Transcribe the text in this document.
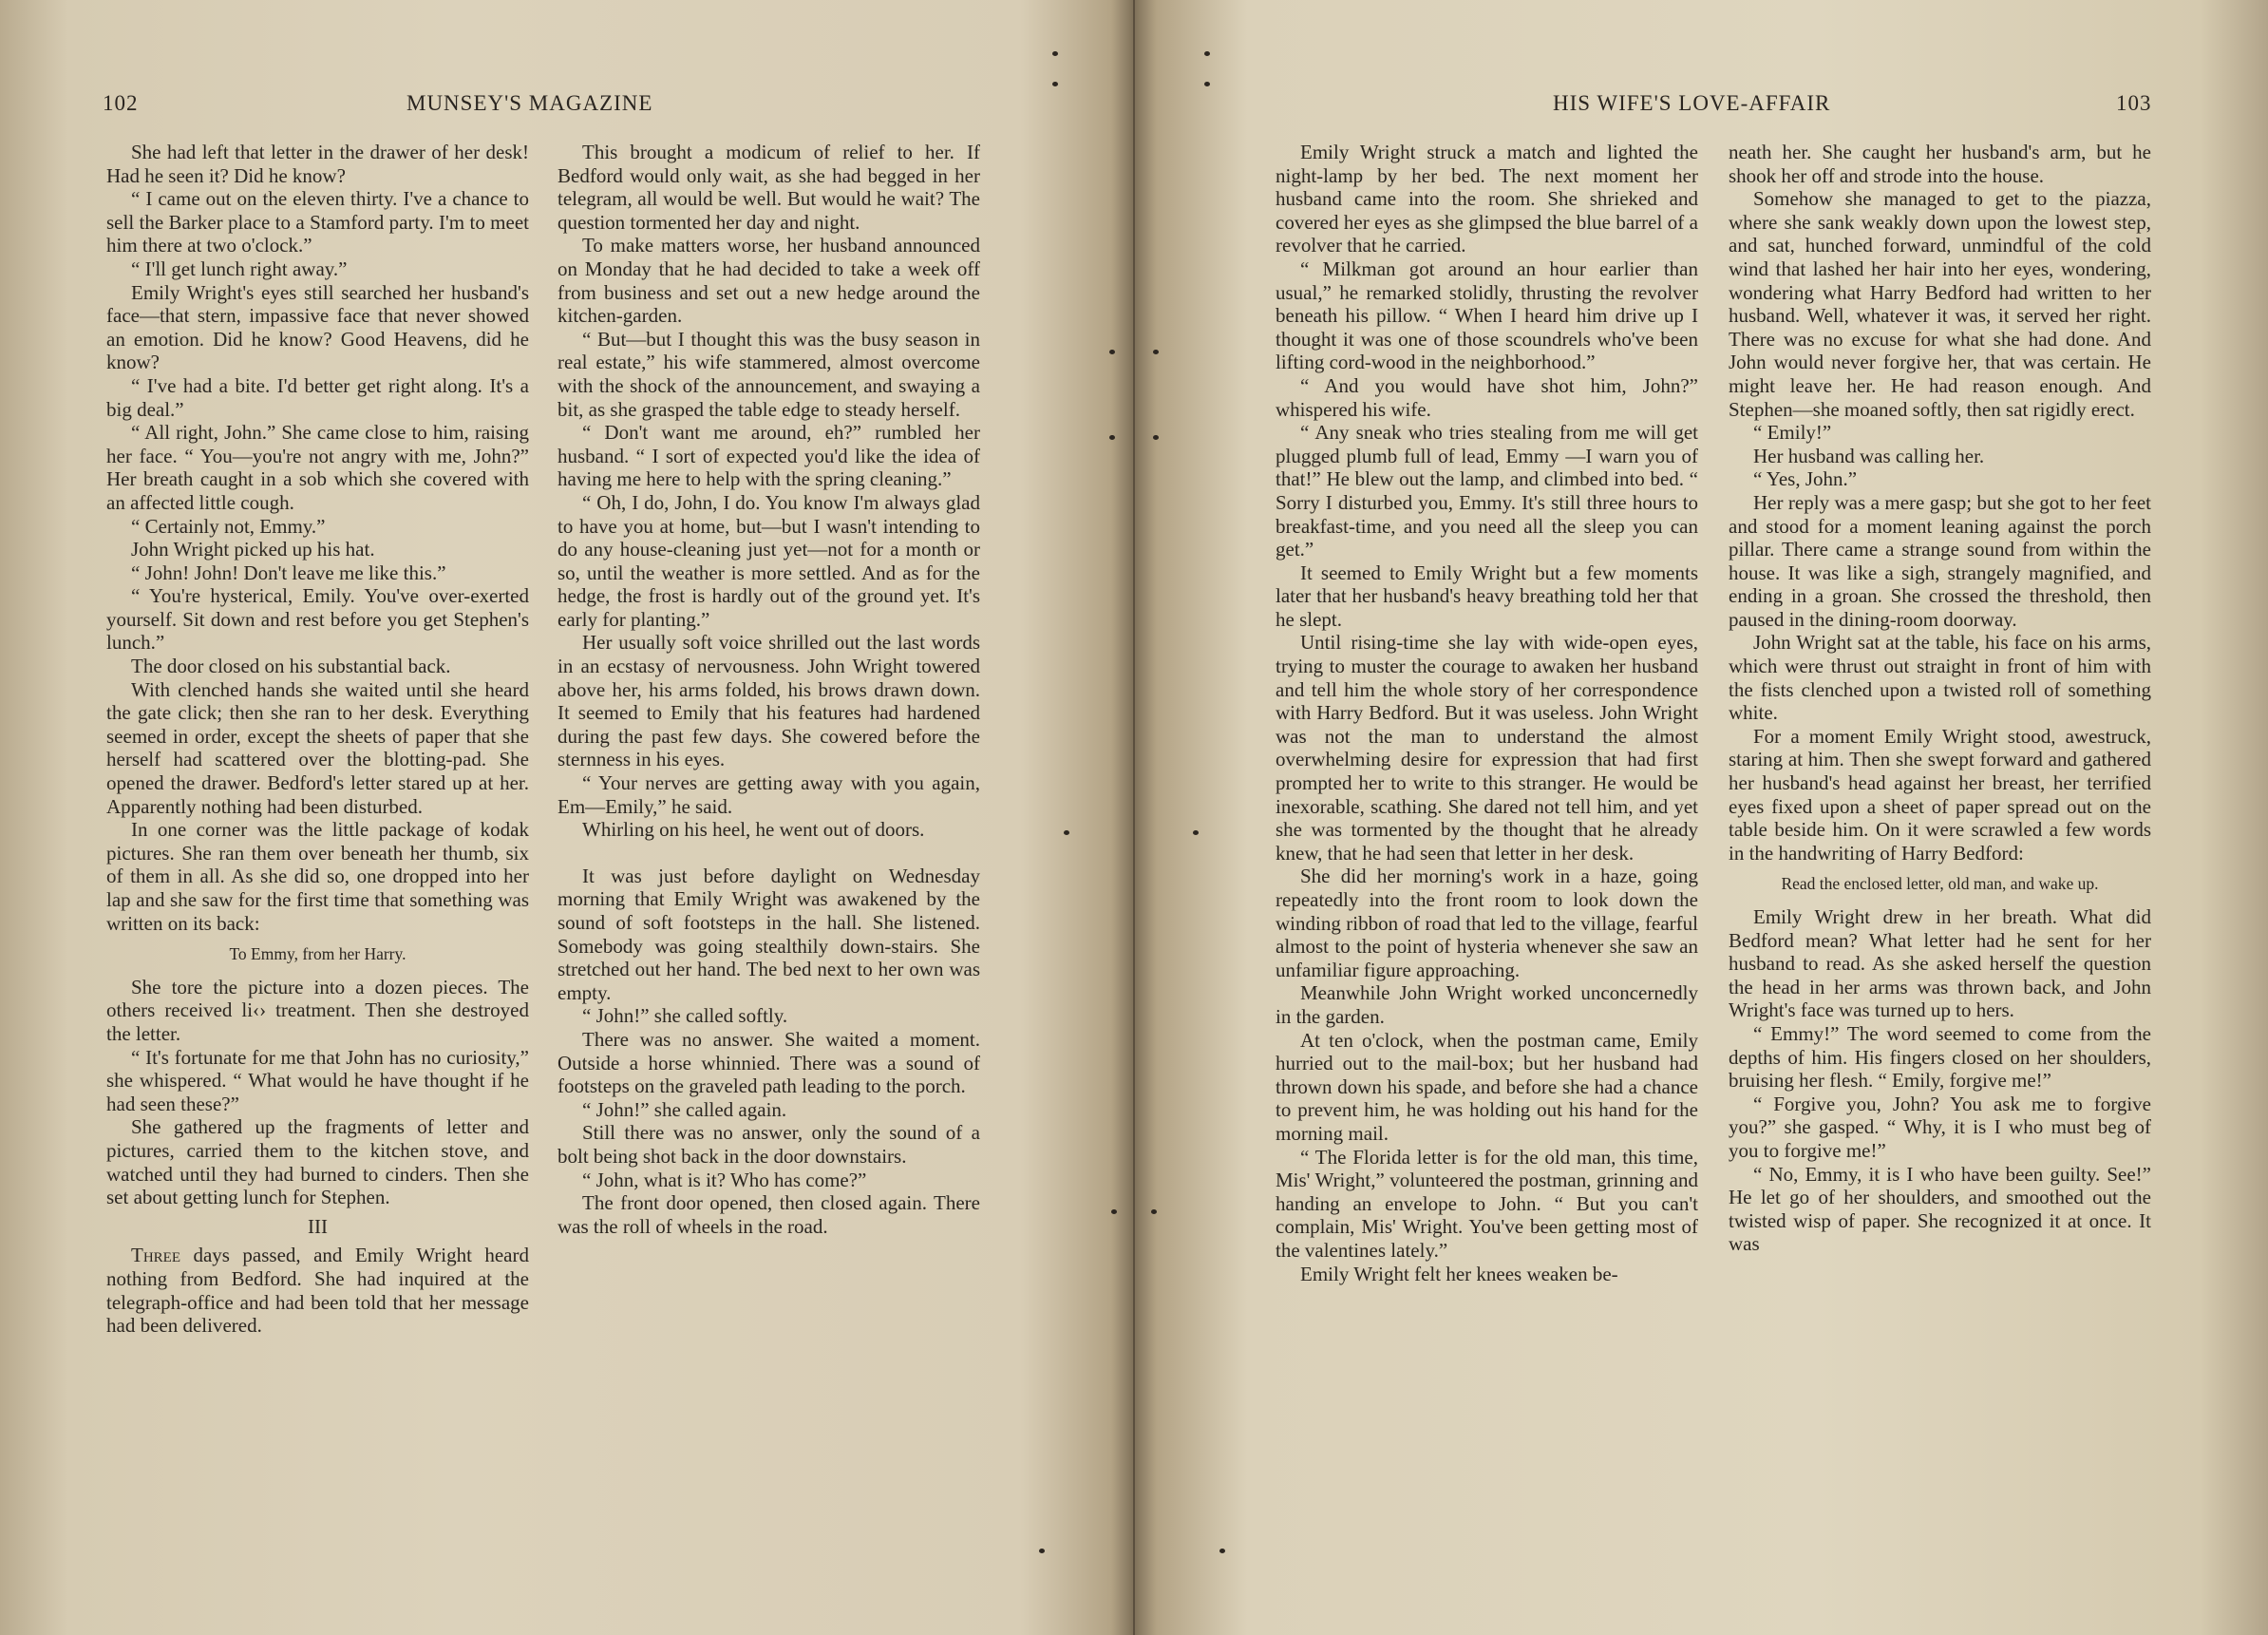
102	MUNSEY'S MAGAZINE

She had left that letter in the drawer of her desk! Had he seen it? Did he know?

“ I came out on the eleven thirty. I've a chance to sell the Barker place to a Stamford party. I'm to meet him there at two o'clock.”

“ I'll get lunch right away.”

Emily Wright's eyes still searched her husband's face—that stern, impassive face that never showed an emotion. Did he know? Good Heavens, did he know?

“ I've had a bite. I'd better get right along. It's a big deal.”

“ All right, John.” She came close to him, raising her face. “ You—you're not angry with me, John?” Her breath caught in a sob which she covered with an affected little cough.

“ Certainly not, Emmy.”

John Wright picked up his hat.

“ John! John! Don't leave me like this.”

“ You're hysterical, Emily. You've over-exerted yourself. Sit down and rest before you get Stephen's lunch.”

The door closed on his substantial back.

With clenched hands she waited until she heard the gate click; then she ran to her desk. Everything seemed in order, except the sheets of paper that she herself had scattered over the blotting-pad. She opened the drawer. Bedford's letter stared up at her. Apparently nothing had been disturbed.

In one corner was the little package of kodak pictures. She ran them over beneath her thumb, six of them in all. As she did so, one dropped into her lap and she saw for the first time that something was written on its back:

To Emmy, from her Harry.

She tore the picture into a dozen pieces. The others received li‹› treatment. Then she destroyed the letter.

“ It's fortunate for me that John has no curiosity,” she whispered. “ What would he have thought if he had seen these?”

She gathered up the fragments of letter and pictures, carried them to the kitchen stove, and watched until they had burned to cinders. Then she set about getting lunch for Stephen.

III

Three days passed, and Emily Wright heard nothing from Bedford. She had inquired at the telegraph-office and had been told that her message had been delivered.

This brought a modicum of relief to her. If Bedford would only wait, as she had begged in her telegram, all would be well. But would he wait? The question tormented her day and night.

To make matters worse, her husband announced on Monday that he had decided to take a week off from business and set out a new hedge around the kitchen-garden.

“ But—but I thought this was the busy season in real estate,” his wife stammered, almost overcome with the shock of the announcement, and swaying a bit, as she grasped the table edge to steady herself.

“ Don't want me around, eh?” rumbled her husband. “ I sort of expected you'd like the idea of having me here to help with the spring cleaning.”

“ Oh, I do, John, I do. You know I'm always glad to have you at home, but—but I wasn't intending to do any house-cleaning just yet—not for a month or so, until the weather is more settled. And as for the hedge, the frost is hardly out of the ground yet. It's early for planting.”

Her usually soft voice shrilled out the last words in an ecstasy of nervousness. John Wright towered above her, his arms folded, his brows drawn down. It seemed to Emily that his features had hardened during the past few days. She cowered before the sternness in his eyes.

“ Your nerves are getting away with you again, Em—Emily,” he said.

Whirling on his heel, he went out of doors.

It was just before daylight on Wednesday morning that Emily Wright was awakened by the sound of soft footsteps in the hall. She listened. Somebody was going stealthily down-stairs. She stretched out her hand. The bed next to her own was empty.

“ John!” she called softly.

There was no answer. She waited a moment. Outside a horse whinnied. There was a sound of footsteps on the graveled path leading to the porch.

“ John!” she called again.

Still there was no answer, only the sound of a bolt being shot back in the door downstairs.

“ John, what is it? Who has come?”

The front door opened, then closed again. There was the roll of wheels in the road.

HIS WIFE'S LOVE-AFFAIR	103

Emily Wright struck a match and lighted the night-lamp by her bed. The next moment her husband came into the room. She shrieked and covered her eyes as she glimpsed the blue barrel of a revolver that he carried.

“ Milkman got around an hour earlier than usual,” he remarked stolidly, thrusting the revolver beneath his pillow. “ When I heard him drive up I thought it was one of those scoundrels who've been lifting cord-wood in the neighborhood.”

“ And you would have shot him, John?” whispered his wife.

“ Any sneak who tries stealing from me will get plugged plumb full of lead, Emmy —I warn you of that!” He blew out the lamp, and climbed into bed. “ Sorry I disturbed you, Emmy. It's still three hours to breakfast-time, and you need all the sleep you can get.”

It seemed to Emily Wright but a few moments later that her husband's heavy breathing told her that he slept.

Until rising-time she lay with wide-open eyes, trying to muster the courage to awaken her husband and tell him the whole story of her correspondence with Harry Bedford. But it was useless. John Wright was not the man to understand the almost overwhelming desire for expression that had first prompted her to write to this stranger. He would be inexorable, scathing. She dared not tell him, and yet she was tormented by the thought that he already knew, that he had seen that letter in her desk.

She did her morning's work in a haze, going repeatedly into the front room to look down the winding ribbon of road that led to the village, fearful almost to the point of hysteria whenever she saw an unfamiliar figure approaching.

Meanwhile John Wright worked unconcernedly in the garden.

At ten o'clock, when the postman came, Emily hurried out to the mail-box; but her husband had thrown down his spade, and before she had a chance to prevent him, he was holding out his hand for the morning mail.

“ The Florida letter is for the old man, this time, Mis' Wright,” volunteered the postman, grinning and handing an envelope to John. “ But you can't complain, Mis' Wright. You've been getting most of the valentines lately.”

Emily Wright felt her knees weaken be-

neath her. She caught her husband's arm, but he shook her off and strode into the house.

Somehow she managed to get to the piazza, where she sank weakly down upon the lowest step, and sat, hunched forward, unmindful of the cold wind that lashed her hair into her eyes, wondering, wondering what Harry Bedford had written to her husband. Well, whatever it was, it served her right. There was no excuse for what she had done. And John would never forgive her, that was certain. He might leave her. He had reason enough. And Stephen—she moaned softly, then sat rigidly erect.

“ Emily!”

Her husband was calling her.

“ Yes, John.”

Her reply was a mere gasp; but she got to her feet and stood for a moment leaning against the porch pillar. There came a strange sound from within the house. It was like a sigh, strangely magnified, and ending in a groan. She crossed the threshold, then paused in the dining-room doorway.

John Wright sat at the table, his face on his arms, which were thrust out straight in front of him with the fists clenched upon a twisted roll of something white.

For a moment Emily Wright stood, awestruck, staring at him. Then she swept forward and gathered her husband's head against her breast, her terrified eyes fixed upon a sheet of paper spread out on the table beside him. On it were scrawled a few words in the handwriting of Harry Bedford:

Read the enclosed letter, old man, and wake up.

Emily Wright drew in her breath. What did Bedford mean? What letter had he sent for her husband to read. As she asked herself the question the head in her arms was thrown back, and John Wright's face was turned up to hers.

“ Emmy!” The word seemed to come from the depths of him. His fingers closed on her shoulders, bruising her flesh. “ Emily, forgive me!”

“ Forgive you, John? You ask me to forgive you?” she gasped. “ Why, it is I who must beg of you to forgive me!”

“ No, Emmy, it is I who have been guilty. See!” He let go of her shoulders, and smoothed out the twisted wisp of paper. She recognized it at once. It was
